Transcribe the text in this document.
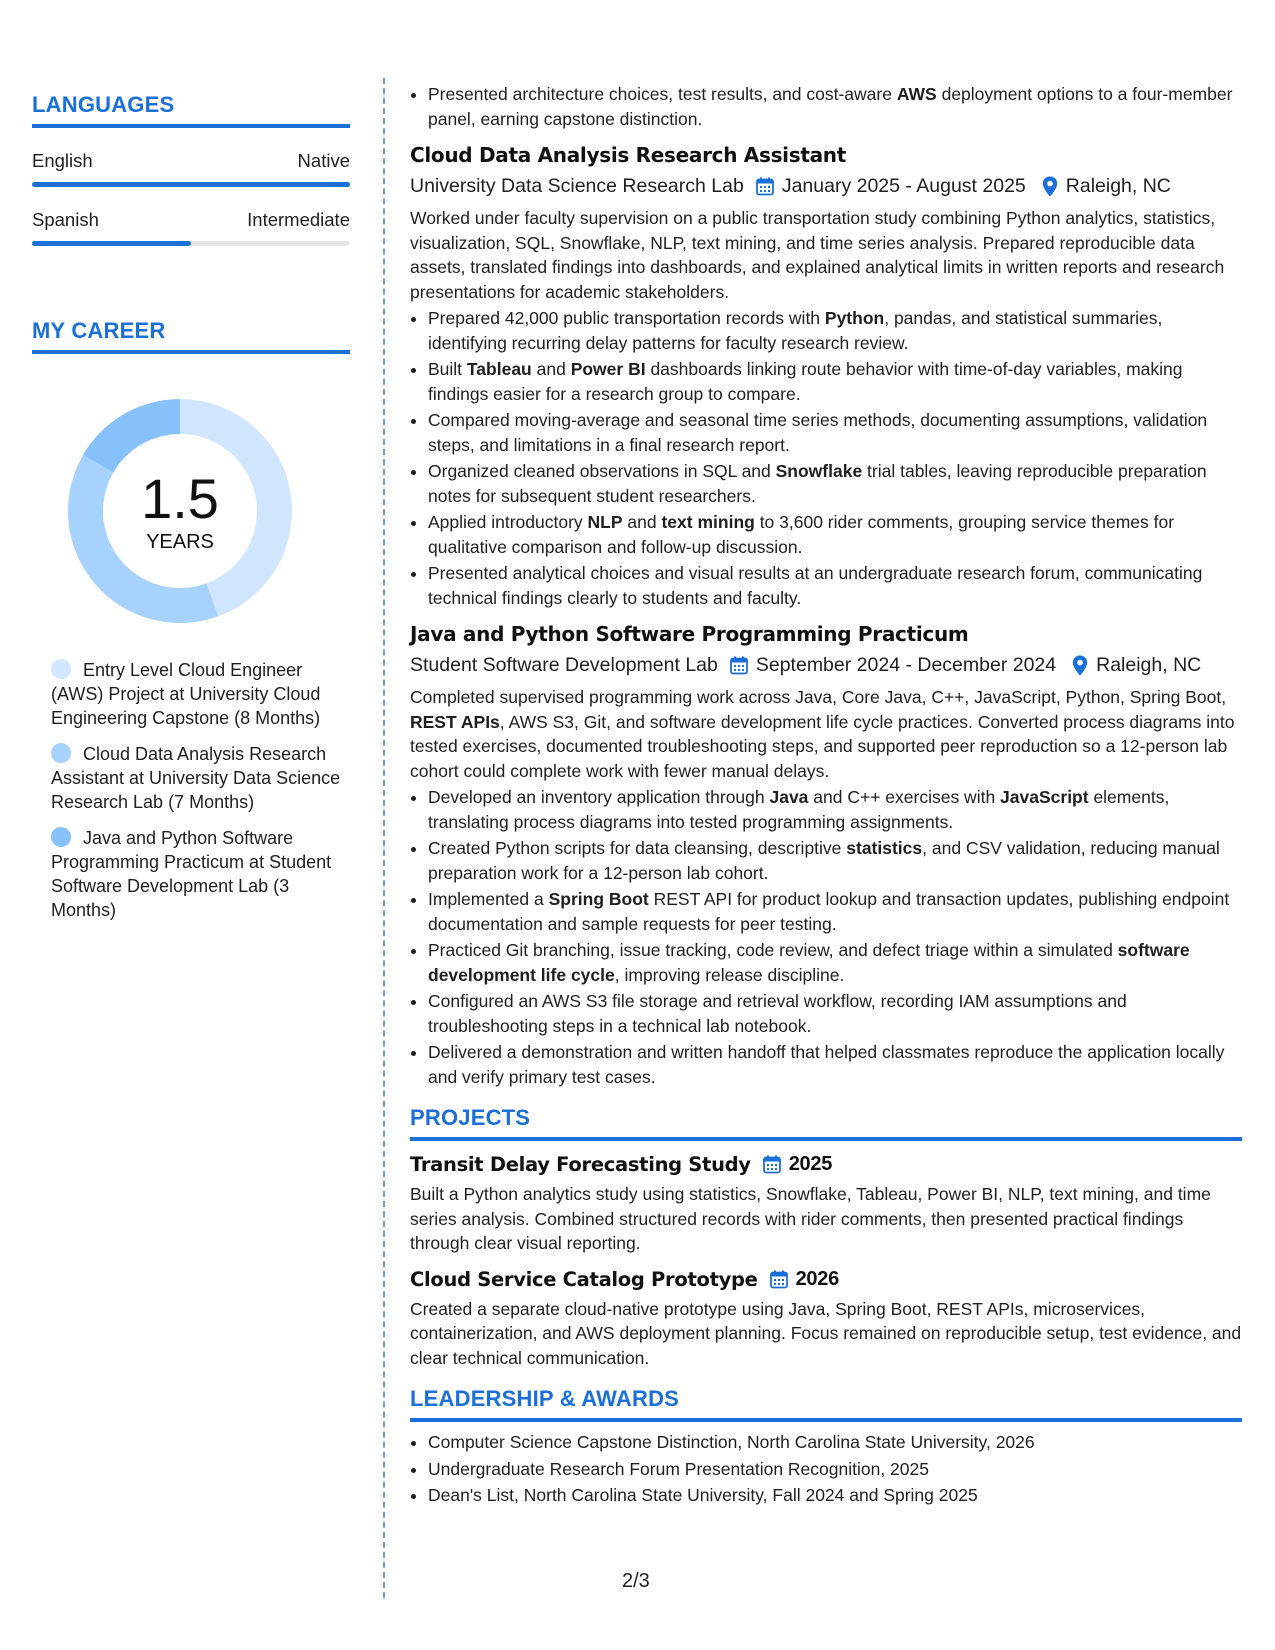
LANGUAGES
English	Native
Spanish	Intermediate
MY CAREER
1.5
YEARS
Entry Level Cloud Engineer (AWS) Project at University Cloud Engineering Capstone (8 Months)
Cloud Data Analysis Research Assistant at University Data Science Research Lab (7 Months)
Java and Python Software Programming Practicum at Student Software Development Lab (3 Months)
• Presented architecture choices, test results, and cost-aware AWS deployment options to a four-member panel, earning capstone distinction.
Cloud Data Analysis Research Assistant
University Data Science Research Lab January 2025 - August 2025 Raleigh, NC
Worked under faculty supervision on a public transportation study combining Python analytics, statistics, visualization, SQL, Snowflake, NLP, text mining, and time series analysis. Prepared reproducible data assets, translated findings into dashboards, and explained analytical limits in written reports and research presentations for academic stakeholders.
• Prepared 42,000 public transportation records with Python, pandas, and statistical summaries, identifying recurring delay patterns for faculty research review.
• Built Tableau and Power BI dashboards linking route behavior with time-of-day variables, making findings easier for a research group to compare.
• Compared moving-average and seasonal time series methods, documenting assumptions, validation steps, and limitations in a final research report.
• Organized cleaned observations in SQL and Snowflake trial tables, leaving reproducible preparation notes for subsequent student researchers.
• Applied introductory NLP and text mining to 3,600 rider comments, grouping service themes for qualitative comparison and follow-up discussion.
• Presented analytical choices and visual results at an undergraduate research forum, communicating technical findings clearly to students and faculty.
Java and Python Software Programming Practicum
Student Software Development Lab September 2024 - December 2024 Raleigh, NC
Completed supervised programming work across Java, Core Java, C++, JavaScript, Python, Spring Boot, REST APIs, AWS S3, Git, and software development life cycle practices. Converted process diagrams into tested exercises, documented troubleshooting steps, and supported peer reproduction so a 12-person lab cohort could complete work with fewer manual delays.
• Developed an inventory application through Java and C++ exercises with JavaScript elements, translating process diagrams into tested programming assignments.
• Created Python scripts for data cleansing, descriptive statistics, and CSV validation, reducing manual preparation work for a 12-person lab cohort.
• Implemented a Spring Boot REST API for product lookup and transaction updates, publishing endpoint documentation and sample requests for peer testing.
• Practiced Git branching, issue tracking, code review, and defect triage within a simulated software development life cycle, improving release discipline.
• Configured an AWS S3 file storage and retrieval workflow, recording IAM assumptions and troubleshooting steps in a technical lab notebook.
• Delivered a demonstration and written handoff that helped classmates reproduce the application locally and verify primary test cases.
PROJECTS
Transit Delay Forecasting Study 2025
Built a Python analytics study using statistics, Snowflake, Tableau, Power BI, NLP, text mining, and time series analysis. Combined structured records with rider comments, then presented practical findings through clear visual reporting.
Cloud Service Catalog Prototype 2026
Created a separate cloud-native prototype using Java, Spring Boot, REST APIs, microservices, containerization, and AWS deployment planning. Focus remained on reproducible setup, test evidence, and clear technical communication.
LEADERSHIP & AWARDS
• Computer Science Capstone Distinction, North Carolina State University, 2026
• Undergraduate Research Forum Presentation Recognition, 2025
• Dean's List, North Carolina State University, Fall 2024 and Spring 2025
2/3
